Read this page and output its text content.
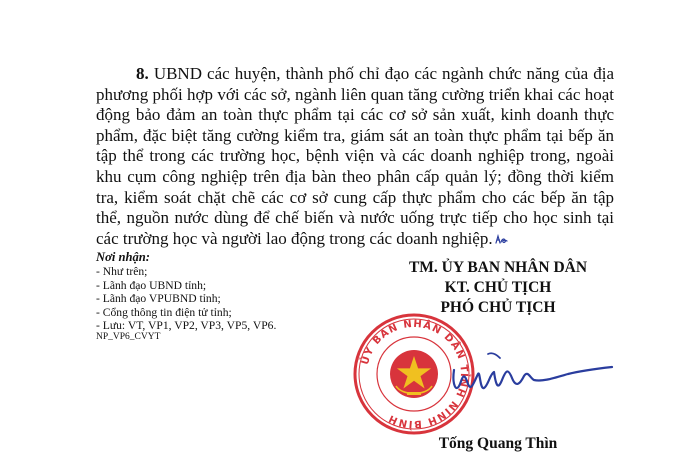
8. UBND các huyện, thành phố chỉ đạo các ngành chức năng của địa phương phối hợp với các sở, ngành liên quan tăng cường triển khai các hoạt động bảo đảm an toàn thực phẩm tại các cơ sở sản xuất, kinh doanh thực phẩm, đặc biệt tăng cường kiểm tra, giám sát an toàn thực phẩm tại bếp ăn tập thể trong các trường học, bệnh viện và các doanh nghiệp trong, ngoài khu cụm công nghiệp trên địa bàn theo phân cấp quản lý; đồng thời kiểm tra, kiểm soát chặt chẽ các cơ sở cung cấp thực phẩm cho các bếp ăn tập thể, nguồn nước dùng để chế biến và nước uống trực tiếp cho học sinh tại các trường học và người lao động trong các doanh nghiệp.

Nơi nhận:
- Như trên;
- Lãnh đạo UBND tỉnh;
- Lãnh đạo VPUBND tỉnh;
- Cổng thông tin điện tử tỉnh;
- Lưu: VT, VP1, VP2, VP3, VP5, VP6.
NP_VP6_CVYT
TM. ỦY BAN NHÂN DÂN
KT. CHỦ TỊCH
PHÓ CHỦ TỊCH
ỦY BAN NHÂN DÂN TỈNH NINH BÌNH
Tống Quang Thìn
